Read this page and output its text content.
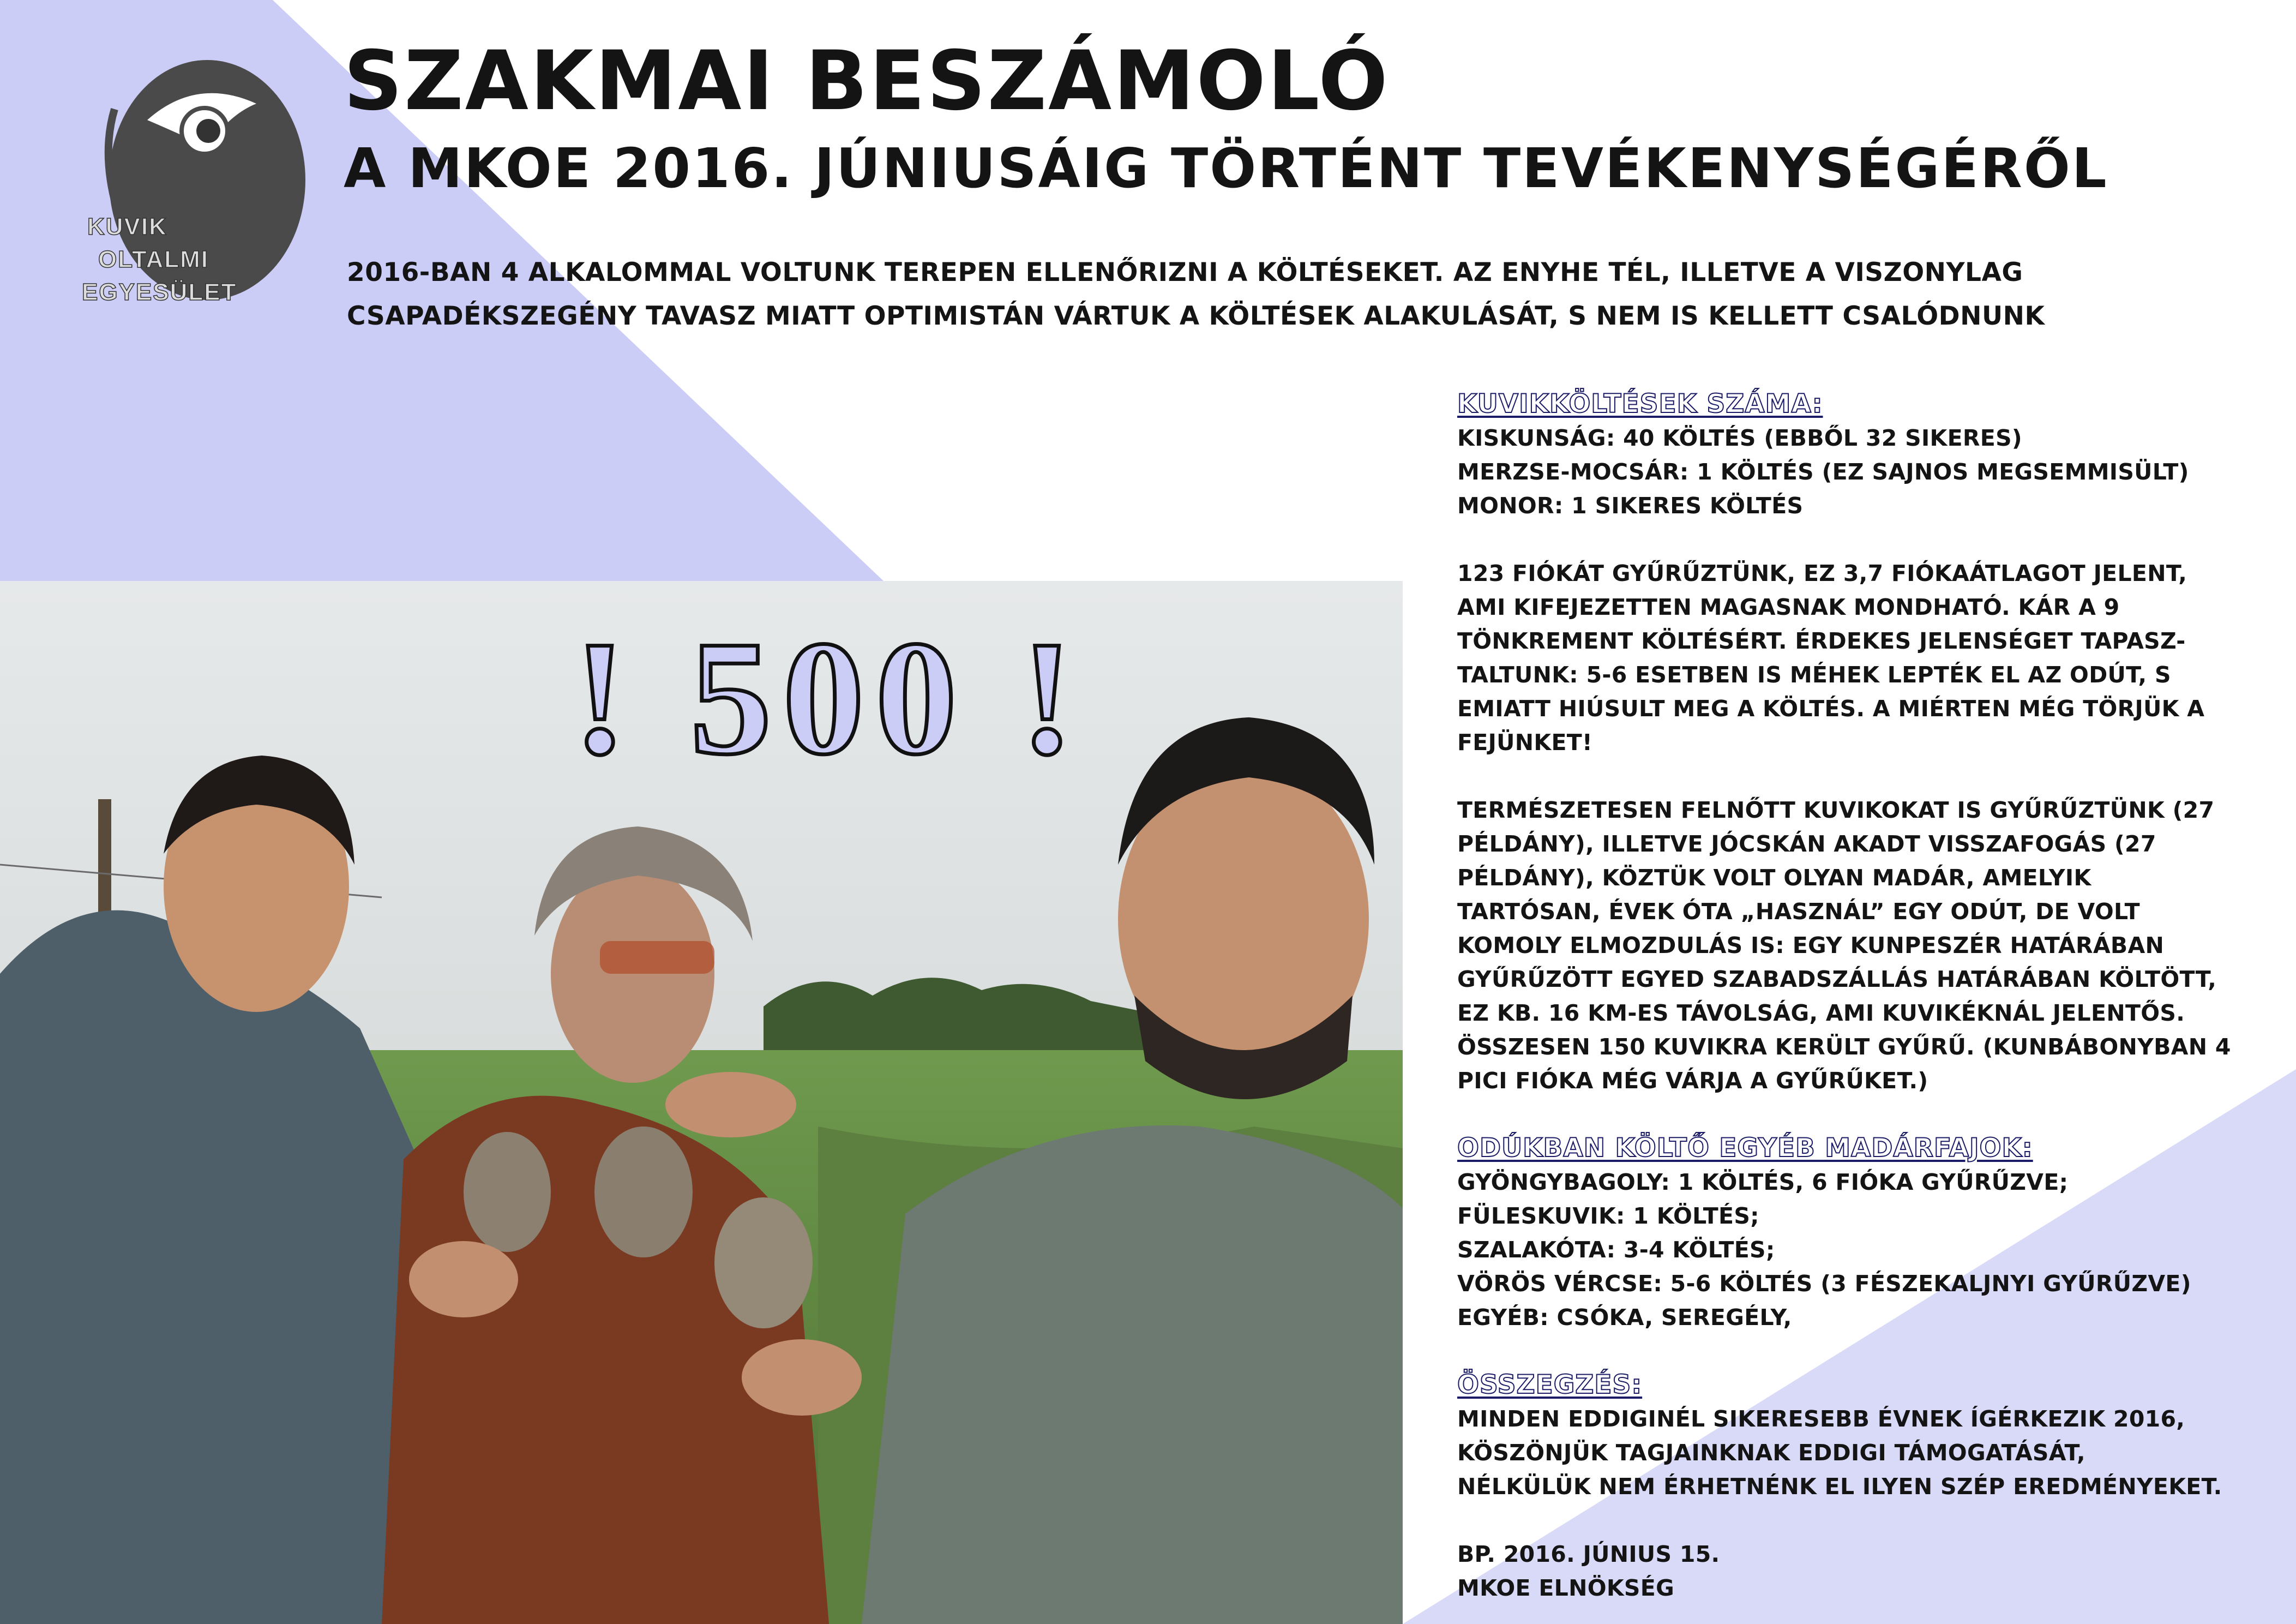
KUVIK
OLTALMI
EGYESÜLET
SZAKMAI BESZÁMOLÓ
A MKOE 2016. JÚNIUSÁIG TÖRTÉNT TEVÉKENYSÉGÉRŐL
2016-BAN 4 ALKALOMMAL VOLTUNK TEREPEN ELLENŐRIZNI A KÖLTÉSEKET. AZ ENYHE TÉL, ILLETVE A VISZONYLAG
CSAPADÉKSZEGÉNY TAVASZ MIATT OPTIMISTÁN VÁRTUK A KÖLTÉSEK ALAKULÁSÁT, S NEM IS KELLETT CSALÓDNUNK
! 500 !
KUVIKKÖLTÉSEK SZÁMA:
KISKUNSÁG: 40 KÖLTÉS (EBBŐL 32 SIKERES)
MERZSE-MOCSÁR: 1 KÖLTÉS (EZ SAJNOS MEGSEMMISÜLT)
MONOR: 1 SIKERES KÖLTÉS
123 FIÓKÁT GYŰRŰZTÜNK, EZ 3,7 FIÓKAÁTLAGOT JELENT,
AMI KIFEJEZETTEN MAGASNAK MONDHATÓ. KÁR A 9
TÖNKREMENT KÖLTÉSÉRT. ÉRDEKES JELENSÉGET TAPASZ-
TALTUNK: 5-6 ESETBEN IS MÉHEK LEPTÉK EL AZ ODÚT, S
EMIATT HIÚSULT MEG A KÖLTÉS. A MIÉRTEN MÉG TÖRJÜK A
FEJÜNKET!
TERMÉSZETESEN FELNŐTT KUVIKOKAT IS GYŰRŰZTÜNK (27
PÉLDÁNY), ILLETVE JÓCSKÁN AKADT VISSZAFOGÁS (27
PÉLDÁNY), KÖZTÜK VOLT OLYAN MADÁR, AMELYIK
TARTÓSAN, ÉVEK ÓTA „HASZNÁL” EGY ODÚT, DE VOLT
KOMOLY ELMOZDULÁS IS: EGY KUNPESZÉR HATÁRÁBAN
GYŰRŰZÖTT EGYED SZABADSZÁLLÁS HATÁRÁBAN KÖLTÖTT,
EZ KB. 16 KM-ES TÁVOLSÁG, AMI KUVIKÉKNÁL JELENTŐS.
ÖSSZESEN 150 KUVIKRA KERÜLT GYŰRŰ. (KUNBÁBONYBAN 4
PICI FIÓKA MÉG VÁRJA A GYŰRŰKET.)
ODÚKBAN KÖLTŐ EGYÉB MADÁRFAJOK:
GYÖNGYBAGOLY: 1 KÖLTÉS, 6 FIÓKA GYŰRŰZVE;
FÜLESKUVIK: 1 KÖLTÉS;
SZALAKÓTA: 3-4 KÖLTÉS;
VÖRÖS VÉRCSE: 5-6 KÖLTÉS (3 FÉSZEKALJNYI GYŰRŰZVE)
EGYÉB: CSÓKA, SEREGÉLY,
ÖSSZEGZÉS:
MINDEN EDDIGINÉL SIKERESEBB ÉVNEK ÍGÉRKEZIK 2016,
KÖSZÖNJÜK TAGJAINKNAK EDDIGI TÁMOGATÁSÁT,
NÉLKÜLÜK NEM ÉRHETNÉNK EL ILYEN SZÉP EREDMÉNYEKET.
BP. 2016. JÚNIUS 15.
MKOE ELNÖKSÉG
